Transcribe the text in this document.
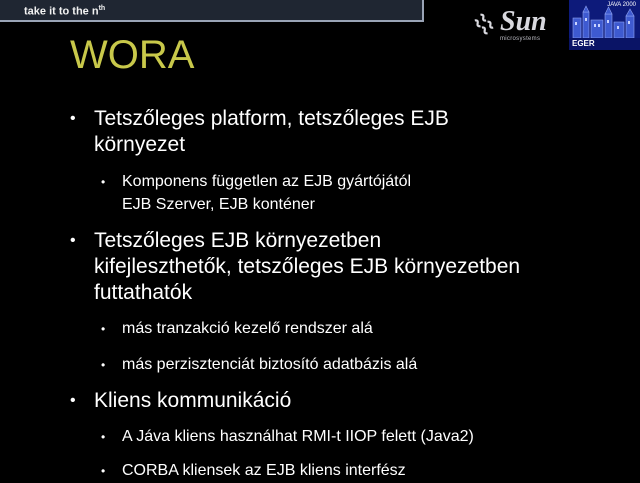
take it to the $n^{th}$	Sun
microsystems
JAVA 2000
EGER
WORA
• Tetszőleges platform, tetszőleges EJB
környezet
• Komponens független az EJB gyártójától
EJB Szerver, EJB konténer
• Tetszőleges EJB környezetben
kifejleszthetők, tetszőleges EJB környezetben
futtathatók
• más tranzakció kezelő rendszer alá
• más perzisztenciát biztosító adatbázis alá
• Kliens kommunikáció
• A Jáva kliens használhat RMI-t IIOP felett (Java2)
• CORBA kliensek az EJB kliens interfész
